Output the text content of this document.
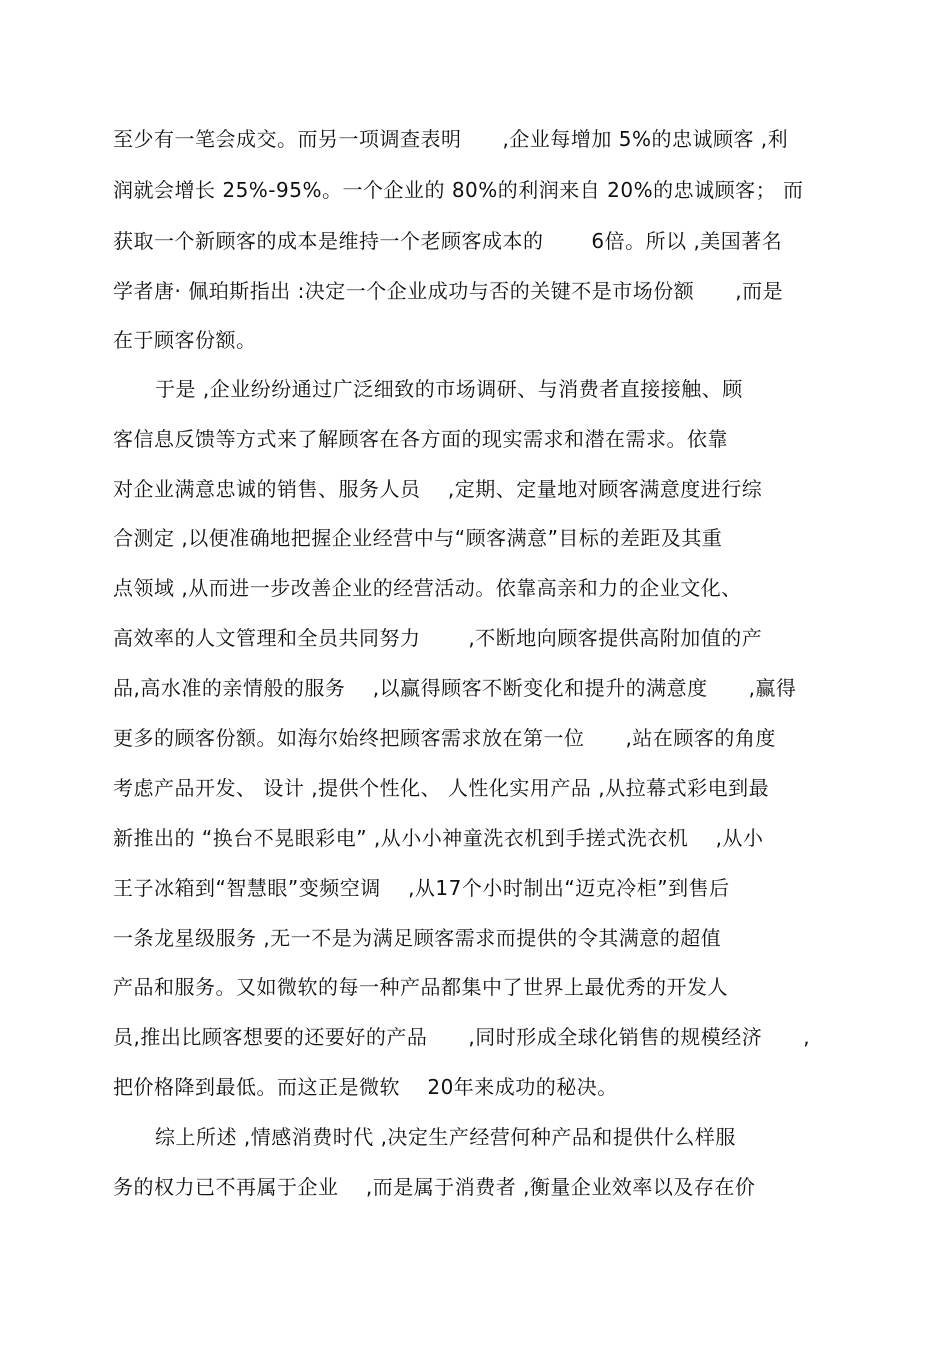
至少有一笔会成交。而另一项调查表明　　,企业每增加 5%的忠诚顾客 ,利
润就会增长 25%-95%。一个企业的 80%的利润来自 20%的忠诚顾客； 而
获取一个新顾客的成本是维持一个老顾客成本的　　 6倍。所以 ,美国著名
学者唐· 佩珀斯指出 :决定一个企业成功与否的关键不是市场份额　　,而是
在于顾客份额。
于是 ,企业纷纷通过广泛细致的市场调研、与消费者直接接触、顾
客信息反馈等方式来了解顾客在各方面的现实需求和潜在需求。依靠
对企业满意忠诚的销售、服务人员　 ,定期、定量地对顾客满意度进行综
合测定 ,以便准确地把握企业经营中与“顾客满意”目标的差距及其重
点领域 ,从而进一步改善企业的经营活动。依靠高亲和力的企业文化、
高效率的人文管理和全员共同努力　　 ,不断地向顾客提供高附加值的产
品,高水准的亲情般的服务　 ,以赢得顾客不断变化和提升的满意度　　,赢得
更多的顾客份额。如海尔始终把顾客需求放在第一位　　,站在顾客的角度
考虑产品开发、 设计 ,提供个性化、 人性化实用产品 ,从拉幕式彩电到最
新推出的 “换台不晃眼彩电” ,从小小神童洗衣机到手搓式洗衣机　 ,从小
王子冰箱到“智慧眼”变频空调　 ,从17个小时制出“迈克冷柜”到售后
一条龙星级服务 ,无一不是为满足顾客需求而提供的令其满意的超值
产品和服务。又如微软的每一种产品都集中了世界上最优秀的开发人
员,推出比顾客想要的还要好的产品　　,同时形成全球化销售的规模经济　　,
把价格降到最低。而这正是微软　 20年来成功的秘决。
综上所述 ,情感消费时代 ,决定生产经营何种产品和提供什么样服
务的权力已不再属于企业　 ,而是属于消费者 ,衡量企业效率以及存在价
